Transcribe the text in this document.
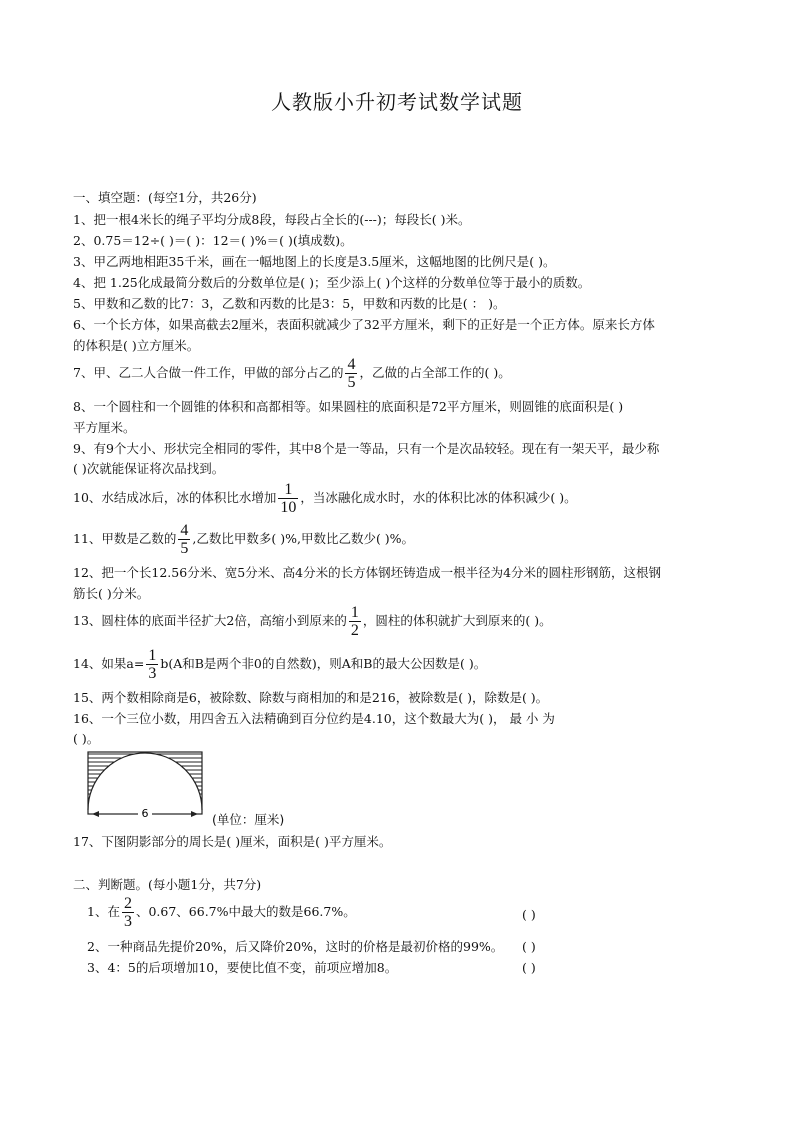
人教版小升初考试数学试题
一、填空题：(每空1分，共26分)
1、把一根4米长的绳子平均分成8段，每段占全长的(---)；每段长( )米。
2、0.75＝12÷( )＝( )：12＝( )%＝( )(填成数)。
3、甲乙两地相距35千米，画在一幅地图上的长度是3.5厘米，这幅地图的比例尺是( )。
4、把 1.25化成最简分数后的分数单位是( )；至少添上( )个这样的分数单位等于最小的质数。
5、甲数和乙数的比7：3，乙数和丙数的比是3：5，甲数和丙数的比是( ： )。
6、一个长方体，如果高截去2厘米，表面积就减少了32平方厘米，剩下的正好是一个正方体。原来长方体
的体积是( )立方厘米。
7、甲、乙二人合做一件工作，甲做的部分占乙的 $\frac{4}{5}$ ，乙做的占全部工作的( )。
8、一个圆柱和一个圆锥的体积和高都相等。如果圆柱的底面积是72平方厘米，则圆锥的底面积是( )
平方厘米。
9、有9个大小、形状完全相同的零件，其中8个是一等品，只有一个是次品较轻。现在有一架天平，最少称
( )次就能保证将次品找到。
10、水结成冰后，冰的体积比水增加 $\frac{1}{10}$ ，当冰融化成水时，水的体积比冰的体积减少( )。
11、甲数是乙数的 $\frac{4}{5}$ ,乙数比甲数多( )%,甲数比乙数少( )%。
12、把一个长12.56分米、宽5分米、高4分米的长方体钢坯铸造成一根半径为4分米的圆柱形钢筋，这根钢
筋长( )分米。
13、圆柱体的底面半径扩大2倍，高缩小到原来的 $\frac{1}{2}$ ，圆柱的体积就扩大到原来的( )。
14、如果$a= \frac{1}{3} b(A$和B是两个非0的自然数)，则A和B的最大公因数是( )。
15、两个数相除商是6，被除数、除数与商相加的和是216，被除数是( )，除数是( )。
16、一个三位小数，用四舍五入法精确到百分位约是4.10，这个数最大为( )， 最 小 为
( )。
6	(单位：厘米)
17、下图阴影部分的周长是( )厘米，面积是( )平方厘米。
二、判断题。(每小题1分，共7分)
1、在 $\frac{2}{3}$ 、0.67、66.7%中最大的数是66.7%。	( )
2、一种商品先提价20%，后又降价20%，这时的价格是最初价格的99%。 ( )
3、4：5的后项增加10，要使比值不变，前项应增加8。	( )
